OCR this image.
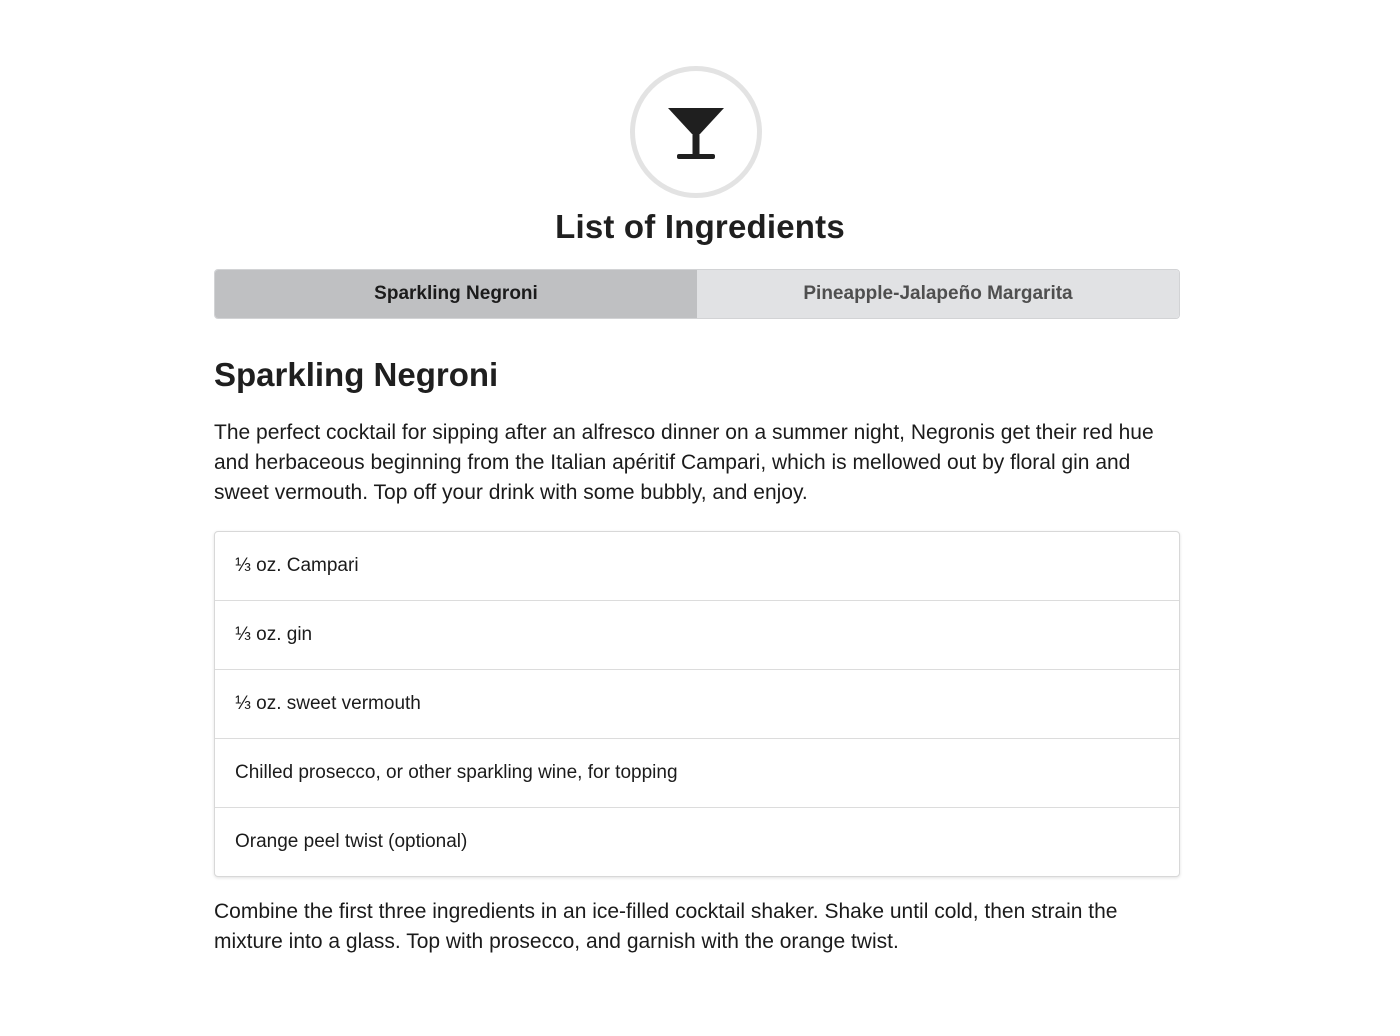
List of Ingredients
Sparkling Negroni	Pineapple-Jalapeño Margarita
Sparkling Negroni

The perfect cocktail for sipping after an alfresco dinner on a summer night, Negronis get their red hue and herbaceous beginning from the Italian apéritif Campari, which is mellowed out by floral gin and sweet vermouth. Top off your drink with some bubbly, and enjoy.

⅓ oz. Campari
⅓ oz. gin
⅓ oz. sweet vermouth
Chilled prosecco, or other sparkling wine, for topping
Orange peel twist (optional)

Combine the first three ingredients in an ice-filled cocktail shaker. Shake until cold, then strain the mixture into a glass. Top with prosecco, and garnish with the orange twist.
